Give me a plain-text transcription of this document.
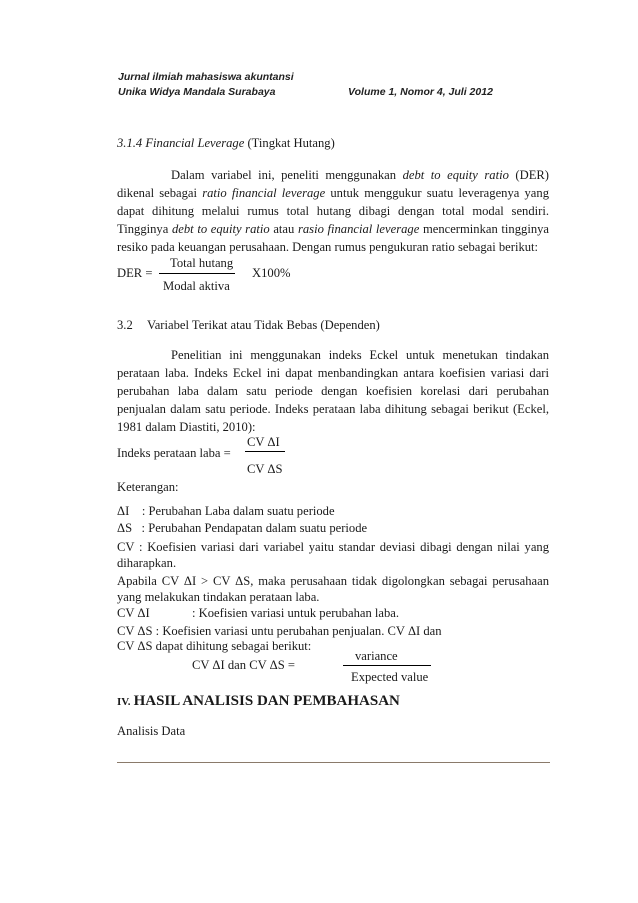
Jurnal ilmiah mahasiswa akuntansi
Unika Widya Mandala Surabaya	Volume 1, Nomor 4, Juli 2012
3.1.4 Financial Leverage (Tingkat Hutang)
Dalam variabel ini, peneliti menggunakan debt to equity ratio (DER)
dikenal sebagai ratio financial leverage untuk menggukur suatu leveragenya yang
dapat dihitung melalui rumus total hutang dibagi dengan total modal sendiri.
Tingginya debt to equity ratio atau rasio financial leverage mencerminkan tingginya
resiko pada keuangan perusahaan. Dengan rumus pengukuran ratio sebagai berikut:
Total hutang
DER =
Modal aktiva
X100%
3.2 Variabel Terikat atau Tidak Bebas (Dependen)
Penelitian ini menggunakan indeks Eckel untuk menetukan tindakan
perataan laba. Indeks Eckel ini dapat menbandingkan antara koefisien variasi dari
perubahan laba dalam satu periode dengan koefisien korelasi dari perubahan
penjualan dalam satu periode. Indeks perataan laba dihitung sebagai berikut (Eckel,
1981 dalam Diastiti, 2010):
CV ΔI
Indeks perataan laba =
CV ΔS
Keterangan:
ΔI    : Perubahan Laba dalam suatu periode
ΔS   : Perubahan Pendapatan dalam suatu periode
CV : Koefisien variasi dari variabel yaitu standar deviasi dibagi dengan nilai yang
diharapkan.
Apabila CV ΔI > CV ΔS, maka perusahaan tidak digolongkan sebagai perusahaan
yang melakukan tindakan perataan laba.
CV ΔI	: Koefisien variasi untuk perubahan laba.
CV ΔS : Koefisien variasi untu perubahan penjualan. CV ΔI dan
CV ΔS dapat dihitung sebagai berikut:
variance
CV ΔI dan CV ΔS =
Expected value
IV. HASIL ANALISIS DAN PEMBAHASAN
Analisis Data
